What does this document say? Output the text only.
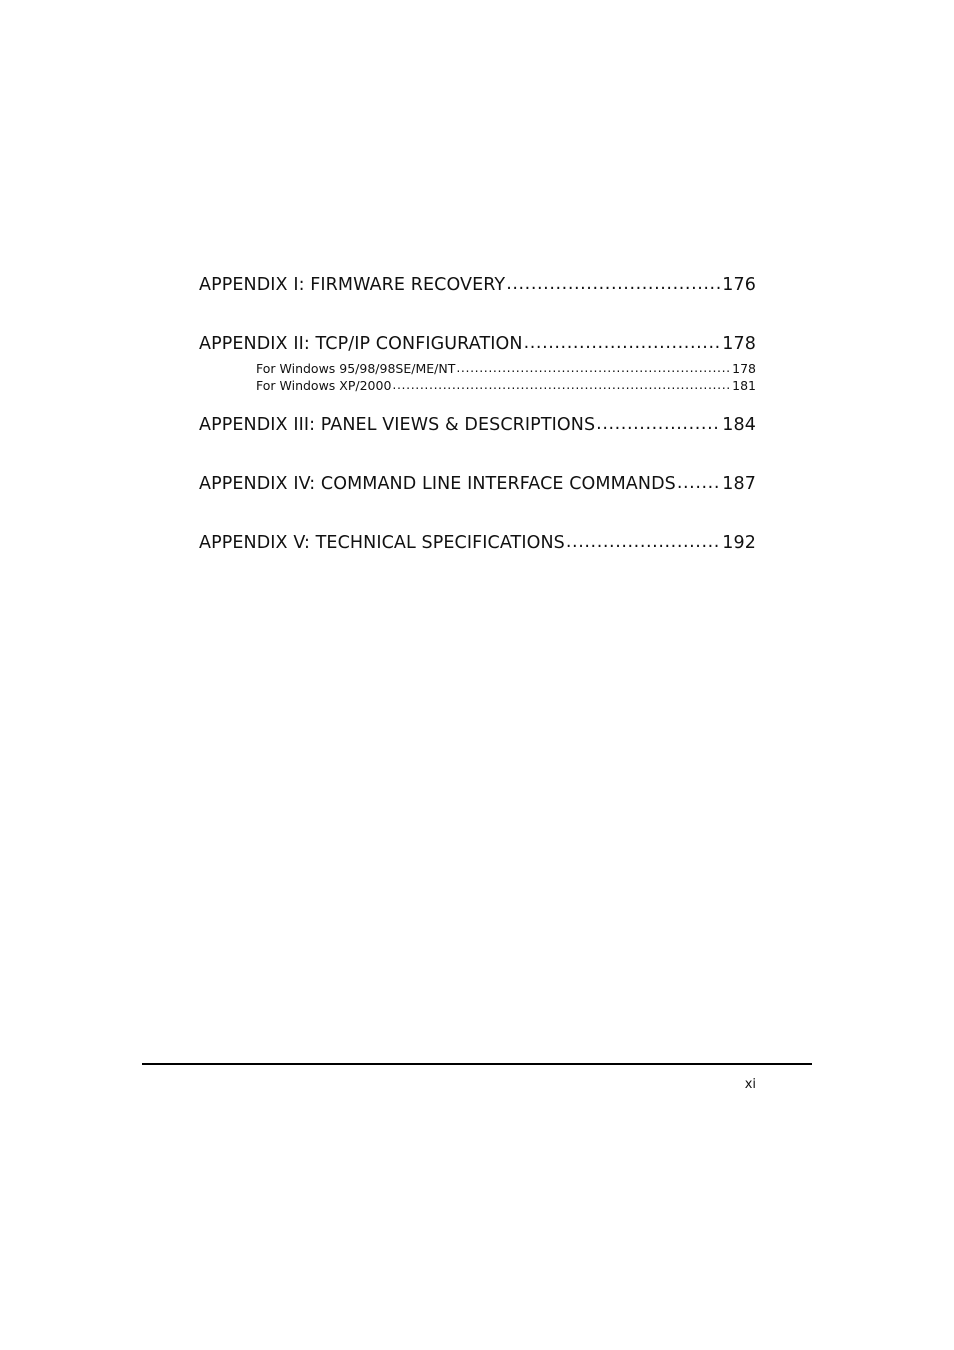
APPENDIX I: FIRMWARE RECOVERY .....	176
APPENDIX II: TCP/IP CONFIGURATION .....	178
For Windows 95/98/98SE/ME/NT .....	178
For Windows XP/2000 .....	181
APPENDIX III: PANEL VIEWS & DESCRIPTIONS .....	184
APPENDIX IV: COMMAND LINE INTERFACE COMMANDS .....	187
APPENDIX V: TECHNICAL SPECIFICATIONS .....	192
xi
